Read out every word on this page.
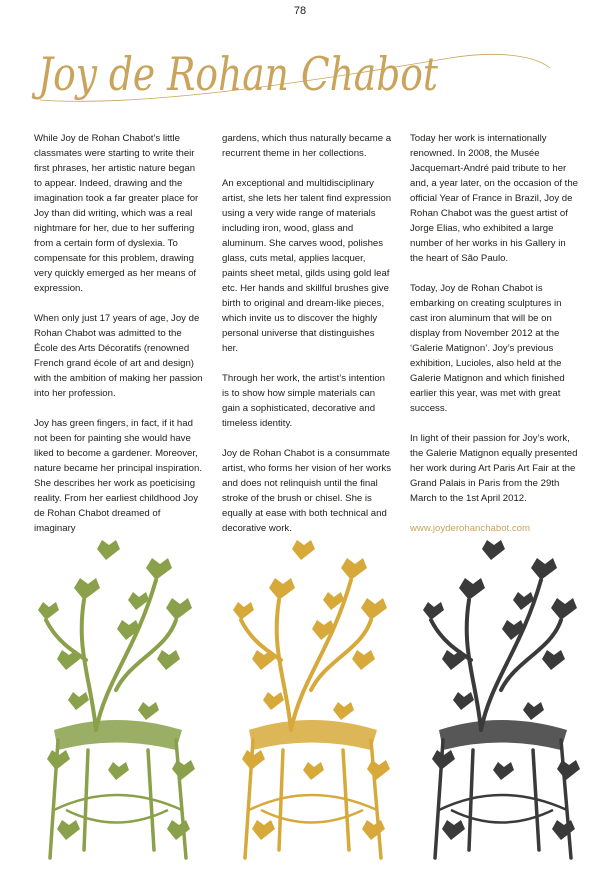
78
Joy de Rohan Chabot

While Joy de Rohan Chabot’s little classmates were starting to write their first phrases, her artistic nature began to appear. Indeed, drawing and the imagination took a far greater place for Joy than did writing, which was a real nightmare for her, due to her suffering from a certain form of dyslexia. To compensate for this problem, drawing very quickly emerged as her means of expression.

When only just 17 years of age, Joy de Rohan Chabot was admitted to the École des Arts Décoratifs (renowned French grand école of art and design) with the ambition of making her passion into her profession.

Joy has green fingers, in fact, if it had not been for painting she would have liked to become a gardener. Moreover, nature became her principal inspiration. She describes her work as poeticising reality. From her earliest childhood Joy de Rohan Chabot dreamed of imaginary

gardens, which thus naturally became a recurrent theme in her collections.

An exceptional and multidisciplinary artist, she lets her talent find expression using a very wide range of materials including iron, wood, glass and aluminum. She carves wood, polishes glass, cuts metal, applies lacquer, paints sheet metal, gilds using gold leaf etc. Her hands and skillful brushes give birth to original and dream-like pieces, which invite us to discover the highly personal universe that distinguishes her.

Through her work, the artist’s intention is to show how simple materials can gain a sophisticated, decorative and timeless identity.

Joy de Rohan Chabot is a consummate artist, who forms her vision of her works and does not relinquish until the final stroke of the brush or chisel. She is equally at ease with both technical and decorative work.

Today her work is internationally renowned. In 2008, the Musée Jacquemart-André paid tribute to her and, a year later, on the occasion of the official Year of France in Brazil, Joy de Rohan Chabot was the guest artist of Jorge Elias, who exhibited a large number of her works in his Gallery in the heart of São Paulo.

Today, Joy de Rohan Chabot is embarking on creating sculptures in cast iron aluminum that will be on display from November 2012 at the ‘Galerie Matignon’. Joy’s previous exhibition, Lucioles, also held at the Galerie Matignon and which finished earlier this year, was met with great success.

In light of their passion for Joy’s work, the Galerie Matignon equally presented her work during Art Paris Art Fair at the Grand Palais in Paris from the 29th March to the 1st April 2012.

www.joyderohanchabot.com
